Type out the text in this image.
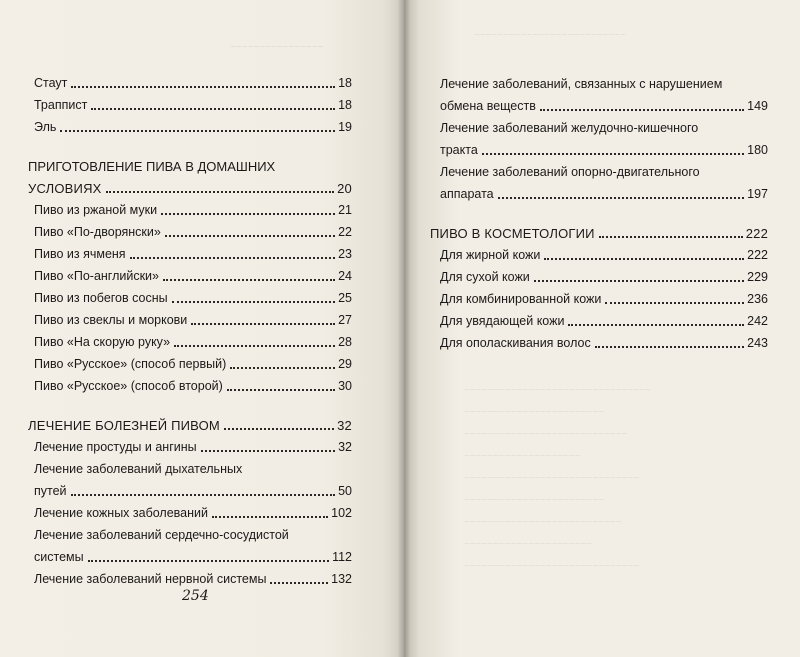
~~~~~~~~~~~~~~~~
Стаут	18
Траппист	18
Эль	19
ПРИГОТОВЛЕНИЕ ПИВА В ДОМАШНИХ
УСЛОВИЯХ	20
Пиво из ржаной муки	21
Пиво «По-дворянски»	22
Пиво из ячменя	23
Пиво «По-английски»	24
Пиво из побегов сосны	25
Пиво из свеклы и моркови	27
Пиво «На скорую руку»	28
Пиво «Русское» (способ первый)	29
Пиво «Русское» (способ второй)	30
ЛЕЧЕНИЕ БОЛЕЗНЕЙ ПИВОМ	32
Лечение простуды и ангины	32
Лечение заболеваний дыхательных
путей	50
Лечение кожных заболеваний	102
Лечение заболеваний сердечно-сосудистой
системы	112
Лечение заболеваний нервной системы	132
254
~~~~~~~~~~~~~~~~~~~~~~~~~~
Лечение заболеваний, связанных с нарушением
обмена веществ	149
Лечение заболеваний желудочно-кишечного
тракта	180
Лечение заболеваний опорно-двигательного
аппарата	197
ПИВО В КОСМЕТОЛОГИИ	222
Для жирной кожи	222
Для сухой кожи	229
Для комбинированной кожи	236
Для увядающей кожи	242
Для ополаскивания волос	243
~~~~~~~~~~~~~~~~~~~~~~~~~~~~~~~~
~~~~~~~~~~~~~~~~~~~~~~~~
~~~~~~~~~~~~~~~~~~~~~~~~~~~~
~~~~~~~~~~~~~~~~~~~~
~~~~~~~~~~~~~~~~~~~~~~~~~~~~~~
~~~~~~~~~~~~~~~~~~~~~~~~
~~~~~~~~~~~~~~~~~~~~~~~~~~~
~~~~~~~~~~~~~~~~~~~~~~
~~~~~~~~~~~~~~~~~~~~~~~~~~~~~~
